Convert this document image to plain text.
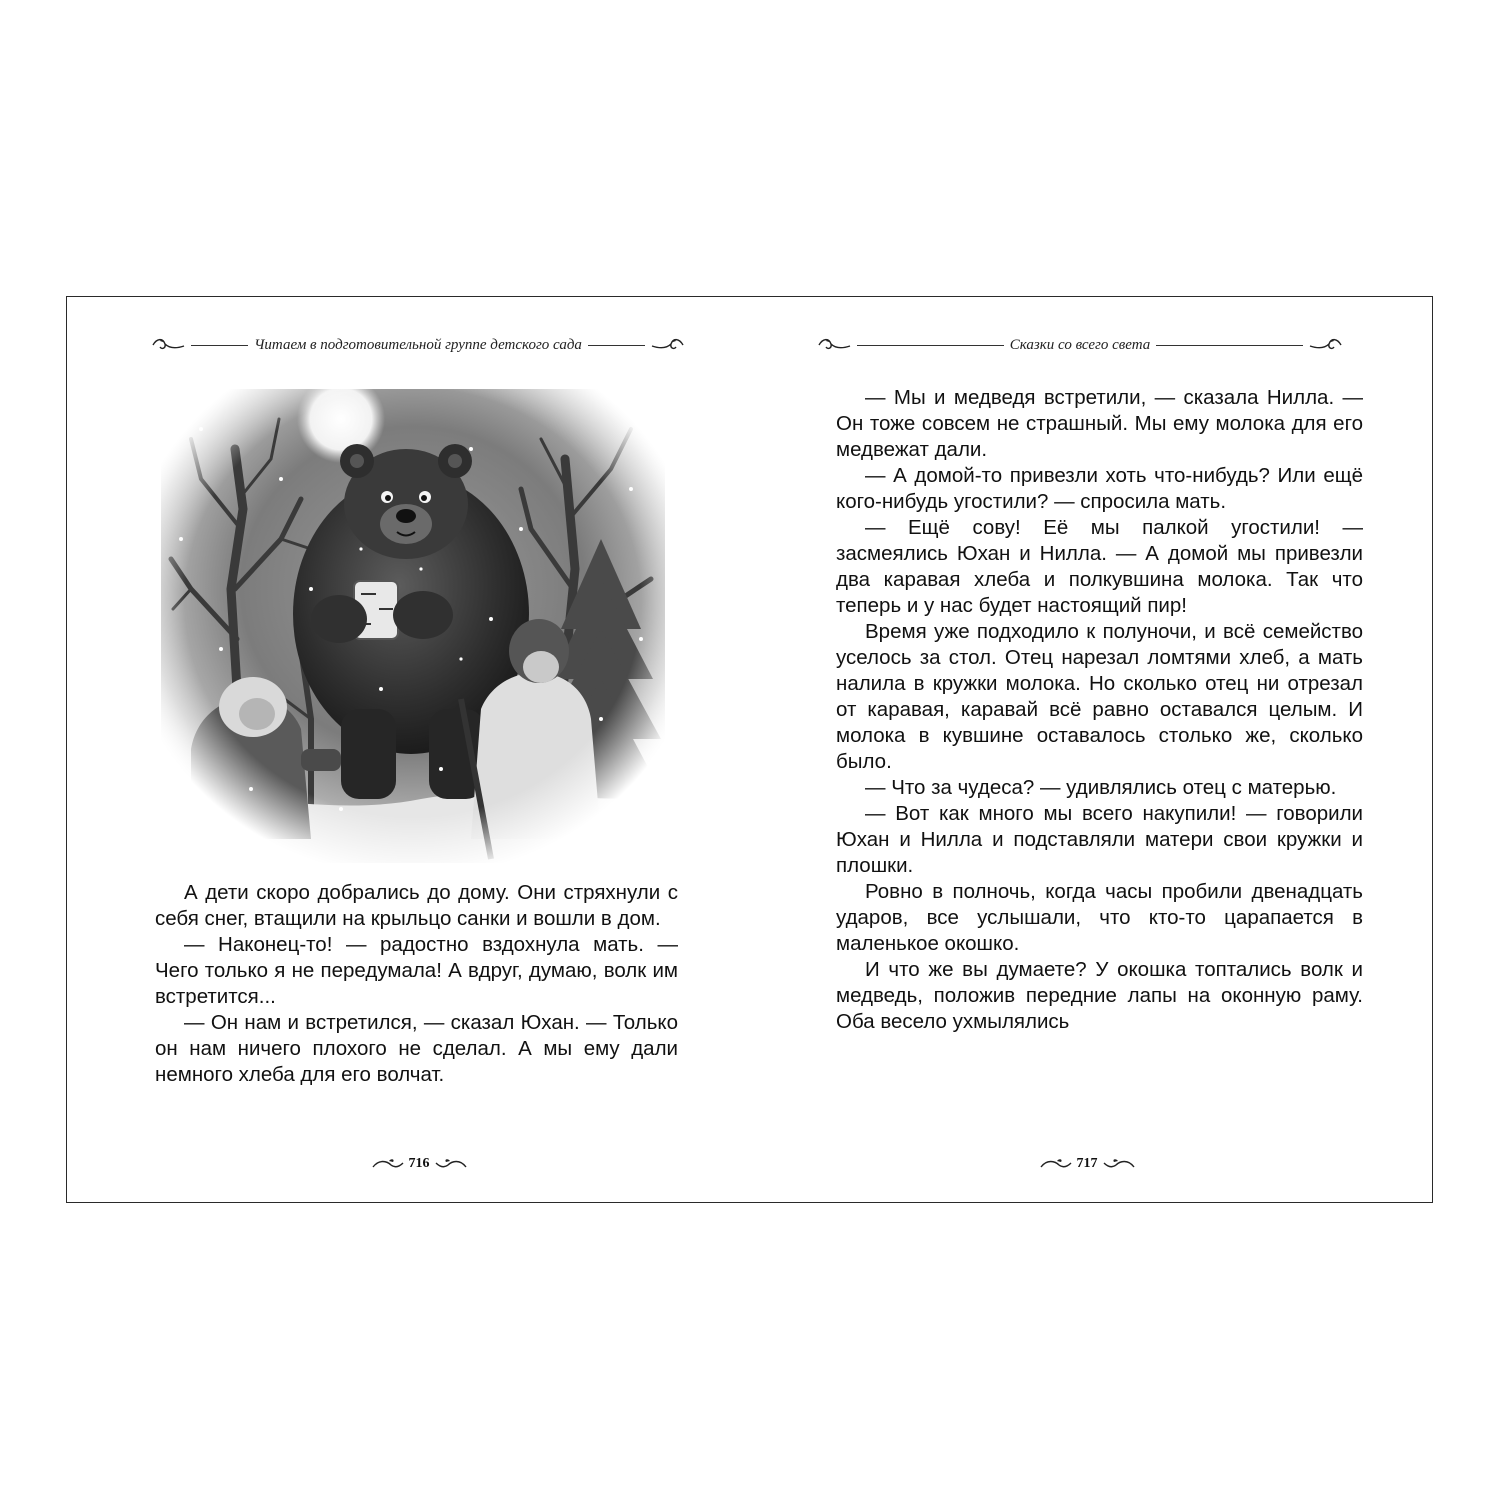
Читаем в подготовительной группе детского сада

А дети скоро добрались до дому. Они стряхнули с себя снег, втащили на крыльцо санки и вошли в дом.

— Наконец-то! — радостно вздохнула мать. — Чего только я не передумала! А вдруг, думаю, волк им встретится...

— Он нам и встретился, — сказал Юхан. — Только он нам ничего плохого не сделал. А мы ему дали немного хлеба для его волчат.

716
Сказки со всего света

— Мы и медведя встретили, — сказала Нилла. — Он тоже совсем не страшный. Мы ему молока для его медвежат дали.

— А домой-то привезли хоть что-нибудь? Или ещё кого-нибудь угостили? — спросила мать.

— Ещё сову! Её мы палкой угостили! — засмеялись Юхан и Нилла. — А домой мы привезли два каравая хлеба и полкувшина молока. Так что теперь и у нас будет настоящий пир!

Время уже подходило к полуночи, и всё семейство уселось за стол. Отец нарезал ломтями хлеб, а мать налила в кружки молока. Но сколько отец ни отрезал от каравая, каравай всё равно оставался целым. И молока в кувшине оставалось столько же, сколько было.

— Что за чудеса? — удивлялись отец с матерью.

— Вот как много мы всего накупили! — говорили Юхан и Нилла и подставляли матери свои кружки и плошки.

Ровно в полночь, когда часы пробили двенадцать ударов, все услышали, что кто-то царапается в маленькое окошко.

И что же вы думаете? У окошка топтались волк и медведь, положив передние лапы на оконную раму. Оба весело ухмылялись

717
